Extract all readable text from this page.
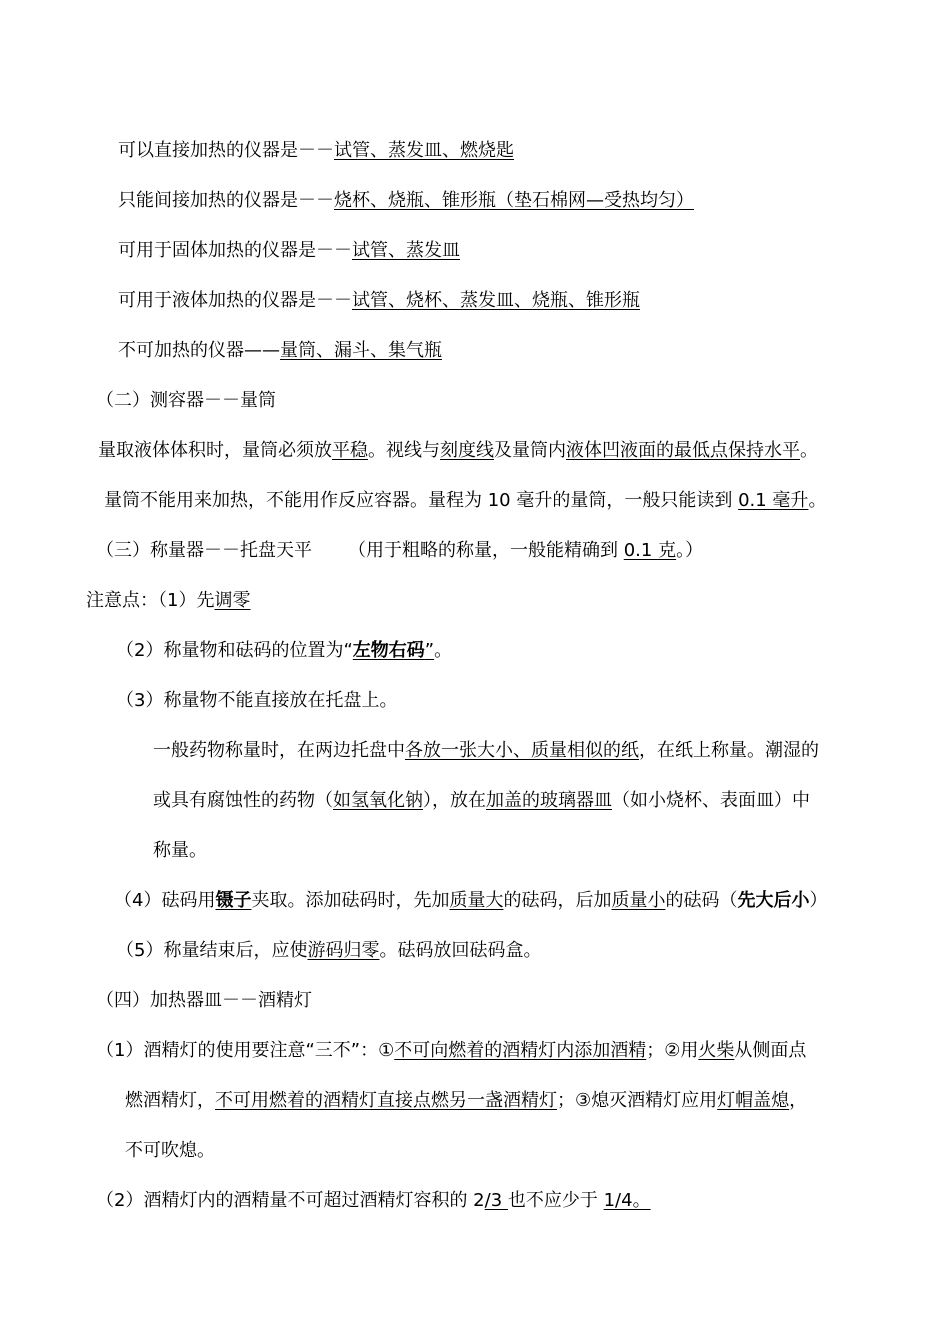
可以直接加热的仪器是－－试管、蒸发皿、燃烧匙
只能间接加热的仪器是－－烧杯、烧瓶、锥形瓶（垫石棉网—受热均匀）
可用于固体加热的仪器是－－试管、蒸发皿
可用于液体加热的仪器是－－试管、烧杯、蒸发皿、烧瓶、锥形瓶
不可加热的仪器——量筒、漏斗、集气瓶
（二）测容器－－量筒
量取液体体积时，量筒必须放平稳。视线与刻度线及量筒内液体凹液面的最低点保持水平。
量筒不能用来加热，不能用作反应容器。量程为 10 毫升的量筒，一般只能读到 0.1 毫升。
（三）称量器－－托盘天平 （用于粗略的称量，一般能精确到 0.1 克。）
注意点：（1）先调零
（2）称量物和砝码的位置为“左物右码”。
（3）称量物不能直接放在托盘上。
一般药物称量时，在两边托盘中各放一张大小、质量相似的纸，在纸上称量。潮湿的
或具有腐蚀性的药物（如氢氧化钠），放在加盖的玻璃器皿（如小烧杯、表面皿）中
称量。
（4）砝码用镊子夹取。添加砝码时，先加质量大的砝码，后加质量小的砝码（先大后小）
（5）称量结束后，应使游码归零。砝码放回砝码盒。
（四）加热器皿－－酒精灯
（1）酒精灯的使用要注意“三不”：①不可向燃着的酒精灯内添加酒精；②用火柴从侧面点
燃酒精灯，不可用燃着的酒精灯直接点燃另一盏酒精灯；③熄灭酒精灯应用灯帽盖熄，
不可吹熄。
（2）酒精灯内的酒精量不可超过酒精灯容积的 2/3 也不应少于 1/4。
